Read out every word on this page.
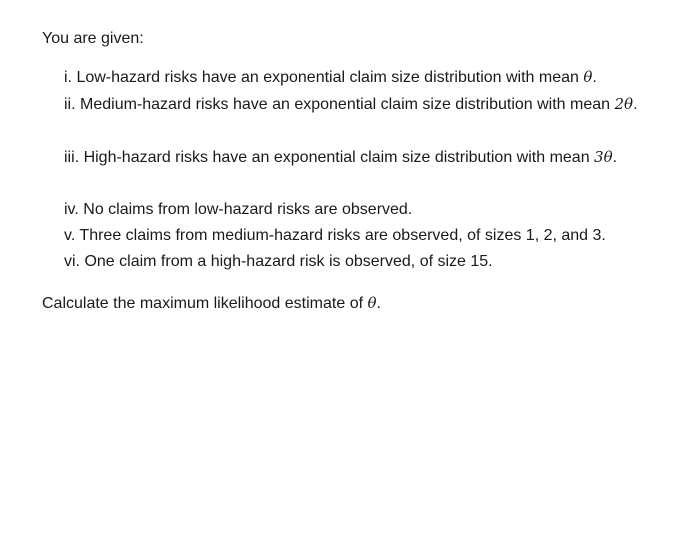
You are given:
i. Low-hazard risks have an exponential claim size distribution with mean θ.
ii. Medium-hazard risks have an exponential claim size distribution with mean 2θ.
iii. High-hazard risks have an exponential claim size distribution with mean 3θ.
iv. No claims from low-hazard risks are observed.
v. Three claims from medium-hazard risks are observed, of sizes 1, 2, and 3.
vi. One claim from a high-hazard risk is observed, of size 15.
Calculate the maximum likelihood estimate of θ.
